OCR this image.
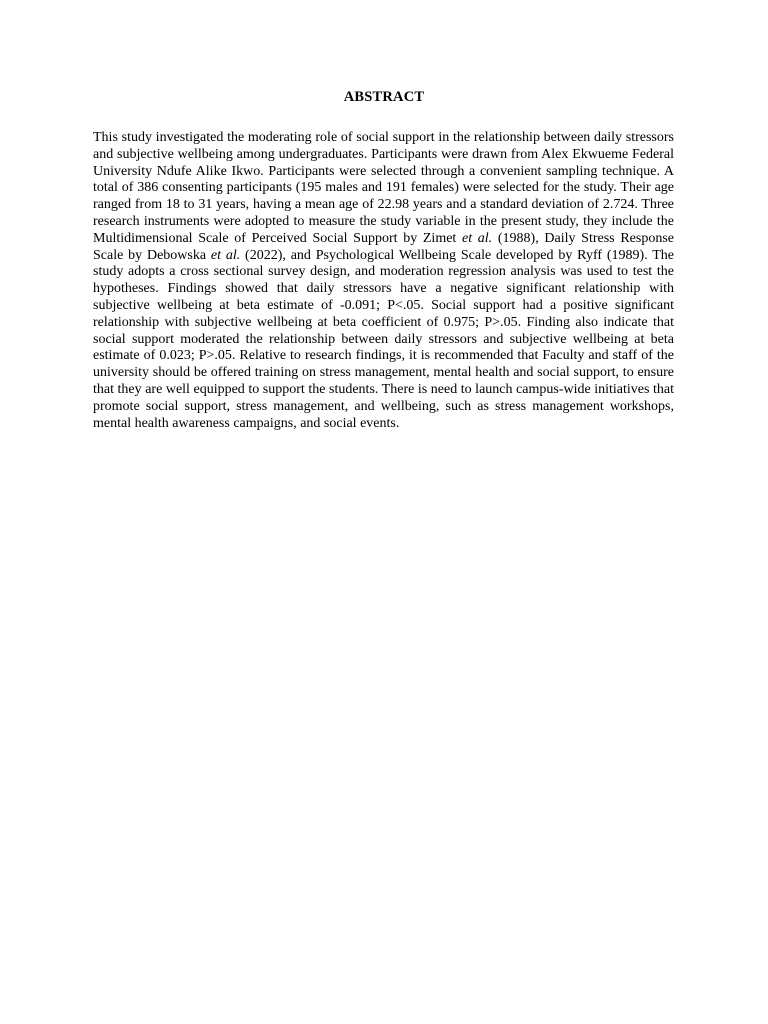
ABSTRACT

This study investigated the moderating role of social support in the relationship between daily stressors and subjective wellbeing among undergraduates. Participants were drawn from Alex Ekwueme Federal University Ndufe Alike Ikwo. Participants were selected through a convenient sampling technique. A total of 386 consenting participants (195 males and 191 females) were selected for the study. Their age ranged from 18 to 31 years, having a mean age of 22.98 years and a standard deviation of 2.724. Three research instruments were adopted to measure the study variable in the present study, they include the Multidimensional Scale of Perceived Social Support by Zimet et al. (1988), Daily Stress Response Scale by Debowska et al. (2022), and Psychological Wellbeing Scale developed by Ryff (1989). The study adopts a cross sectional survey design, and moderation regression analysis was used to test the hypotheses. Findings showed that daily stressors have a negative significant relationship with subjective wellbeing at beta estimate of -0.091; P<.05. Social support had a positive significant relationship with subjective wellbeing at beta coefficient of 0.975; P>.05. Finding also indicate that social support moderated the relationship between daily stressors and subjective wellbeing at beta estimate of 0.023; P>.05. Relative to research findings, it is recommended that Faculty and staff of the university should be offered training on stress management, mental health and social support, to ensure that they are well equipped to support the students. There is need to launch campus-wide initiatives that promote social support, stress management, and wellbeing, such as stress management workshops, mental health awareness campaigns, and social events.
